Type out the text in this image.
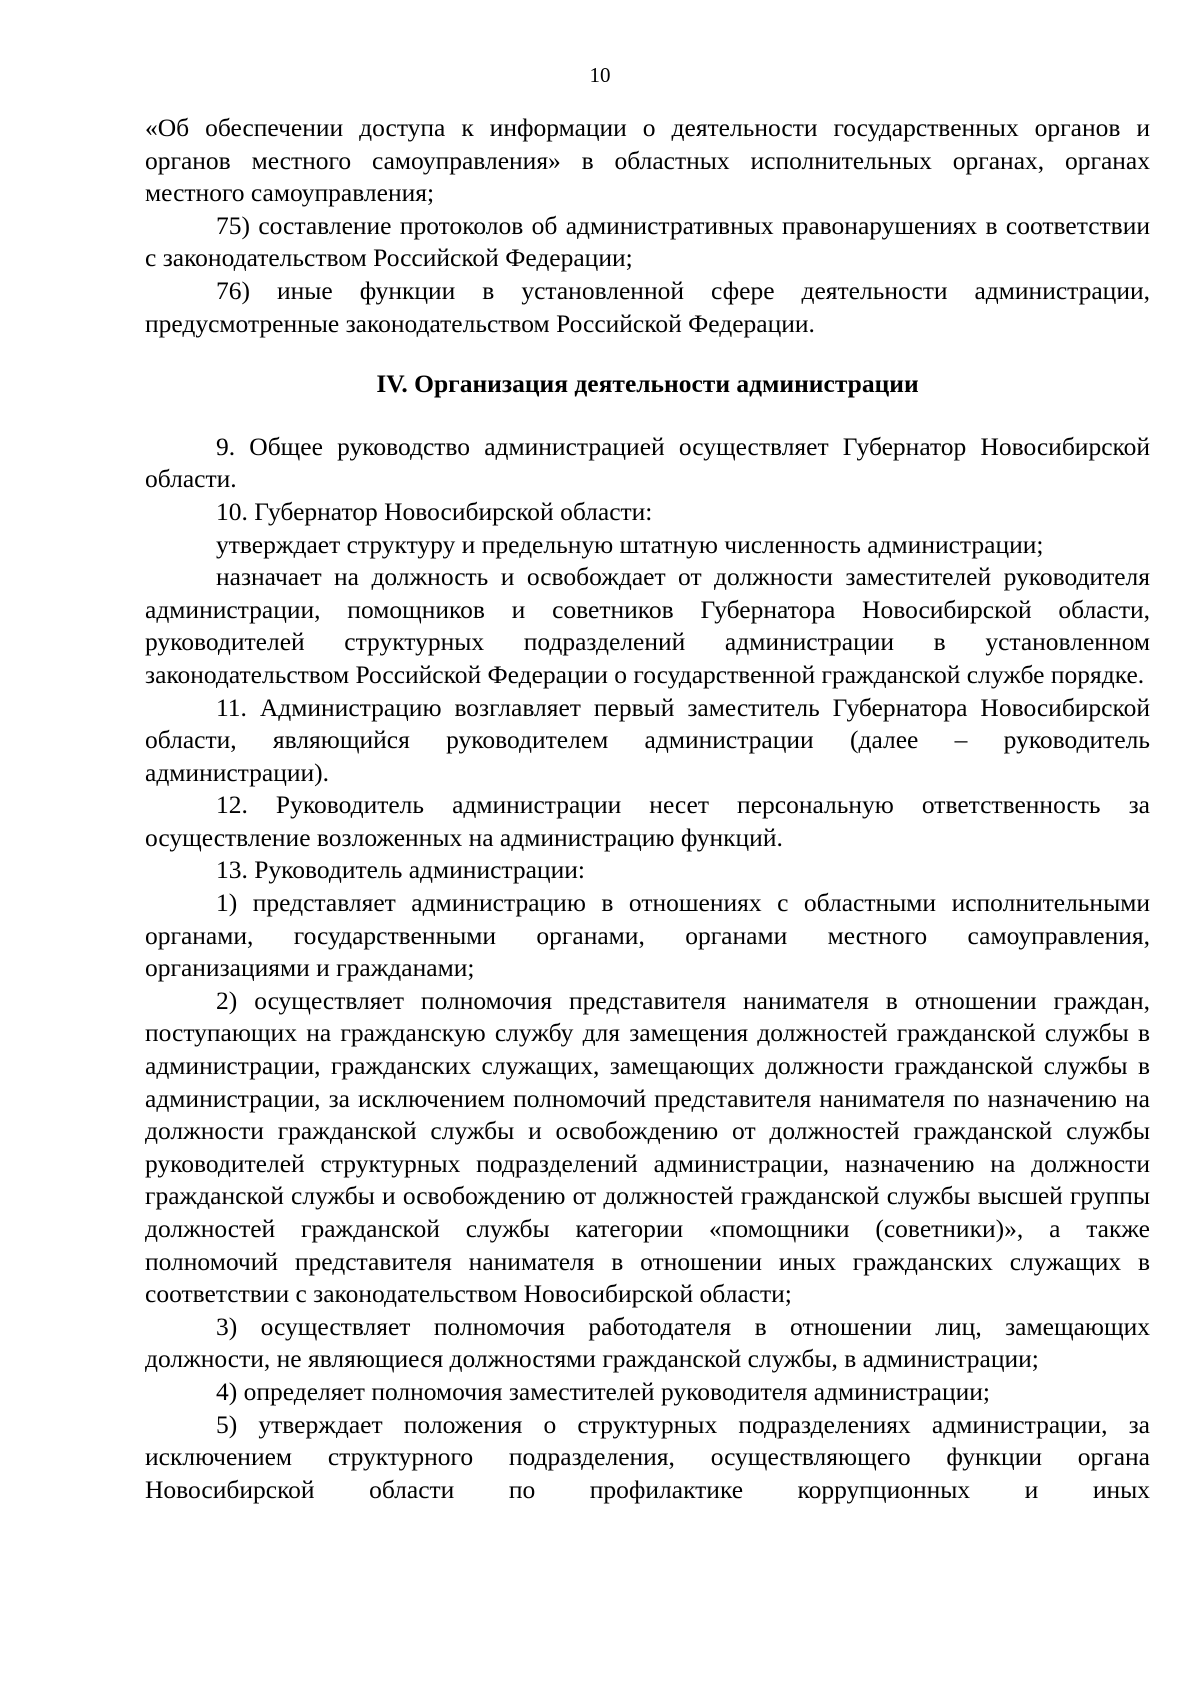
10

«Об обеспечении доступа к информации о деятельности государственных органов и органов местного самоуправления» в областных исполнительных органах, органах местного самоуправления;

75) составление протоколов об административных правонарушениях в соответствии с законодательством Российской Федерации;

76) иные функции в установленной сфере деятельности администрации, предусмотренные законодательством Российской Федерации.

IV. Организация деятельности администрации

9. Общее руководство администрацией осуществляет Губернатор Новосибирской области.

10. Губернатор Новосибирской области:

утверждает структуру и предельную штатную численность администрации;

назначает на должность и освобождает от должности заместителей руководителя администрации, помощников и советников Губернатора Новосибирской области, руководителей структурных подразделений администрации в установленном законодательством Российской Федерации о государственной гражданской службе порядке.

11. Администрацию возглавляет первый заместитель Губернатора Новосибирской области, являющийся руководителем администрации (далее – руководитель администрации).

12. Руководитель администрации несет персональную ответственность за осуществление возложенных на администрацию функций.

13. Руководитель администрации:

1) представляет администрацию в отношениях с областными исполнительными органами, государственными органами, органами местного самоуправления, организациями и гражданами;

2) осуществляет полномочия представителя нанимателя в отношении граждан, поступающих на гражданскую службу для замещения должностей гражданской службы в администрации, гражданских служащих, замещающих должности гражданской службы в администрации, за исключением полномочий представителя нанимателя по назначению на должности гражданской службы и освобождению от должностей гражданской службы руководителей структурных подразделений администрации, назначению на должности гражданской службы и освобождению от должностей гражданской службы высшей группы должностей гражданской службы категории «помощники (советники)», а также полномочий представителя нанимателя в отношении иных гражданских служащих в соответствии с законодательством Новосибирской области;

3) осуществляет полномочия работодателя в отношении лиц, замещающих должности, не являющиеся должностями гражданской службы, в администрации;

4) определяет полномочия заместителей руководителя администрации;

5) утверждает положения о структурных подразделениях администрации, за исключением структурного подразделения, осуществляющего функции органа Новосибирской области по профилактике коррупционных и иных
